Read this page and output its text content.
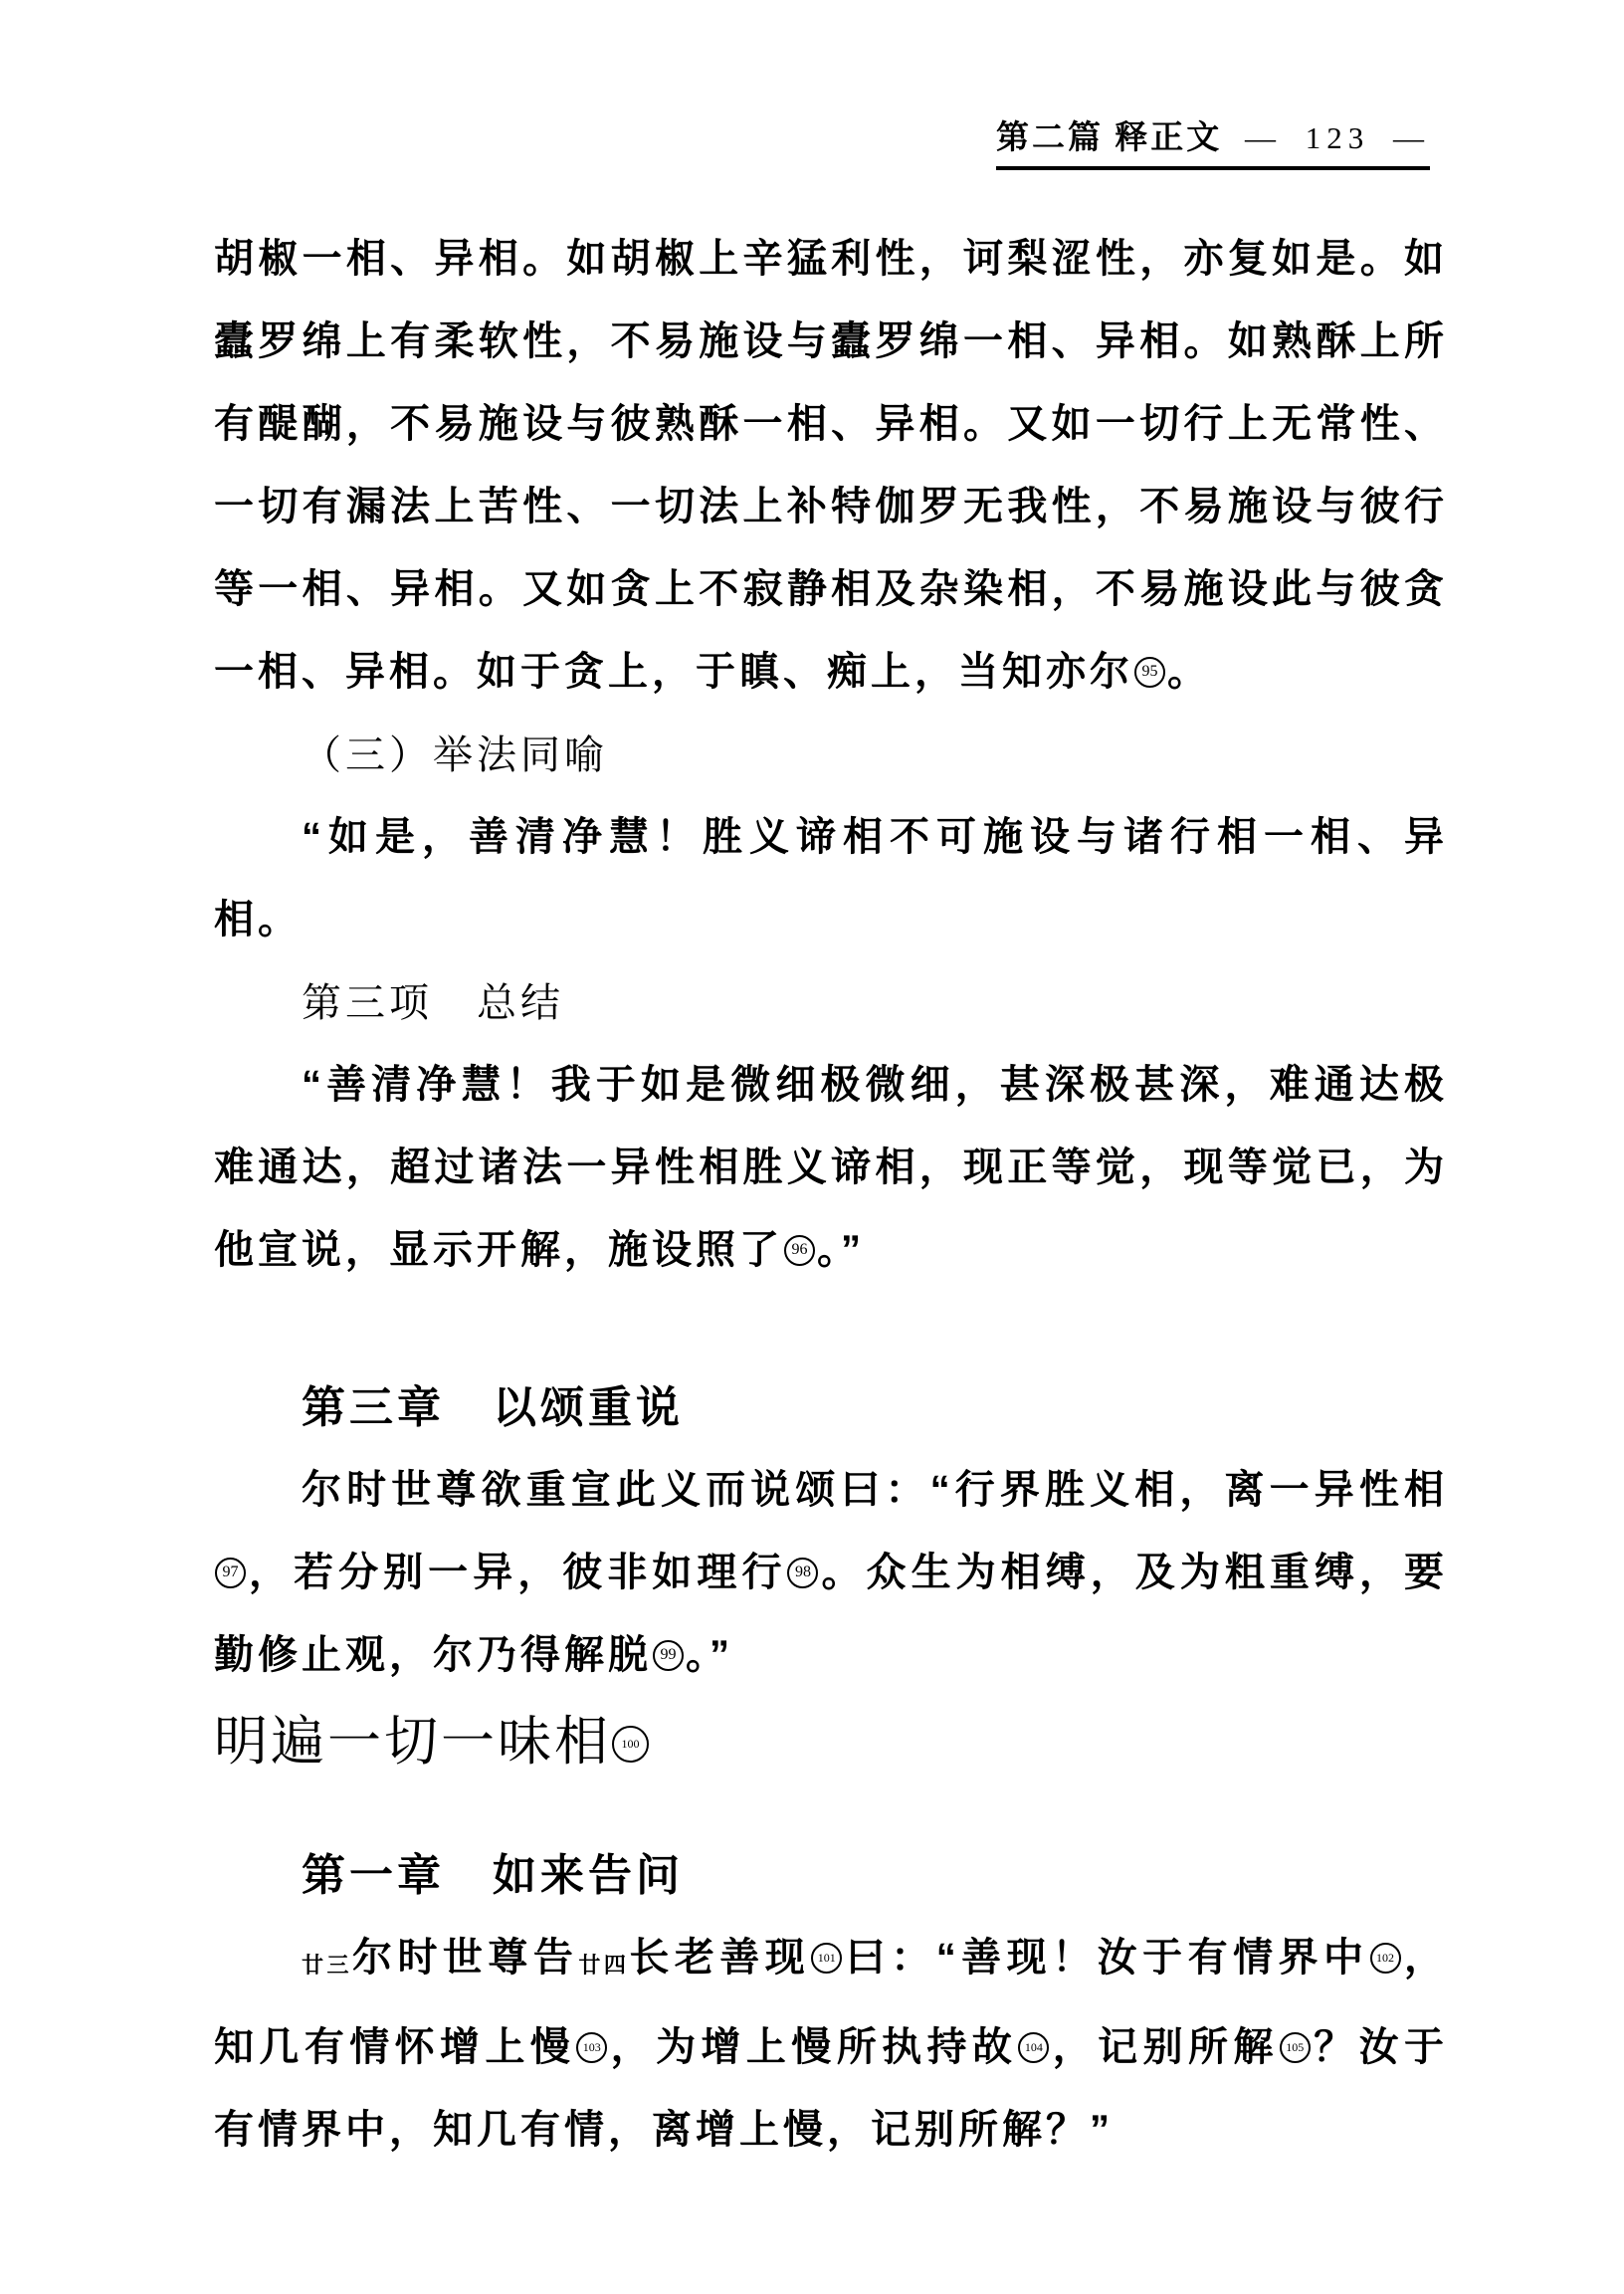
第二篇 释正文 — 123 —

胡椒一相、异相。如胡椒上辛猛利性，诃梨涩性，亦复如是。如蠹罗绵上有柔软性，不易施设与蠹罗绵一相、异相。如熟酥上所有醍醐，不易施设与彼熟酥一相、异相。又如一切行上无常性、一切有漏法上苦性、一切法上补特伽罗无我性，不易施设与彼行等一相、异相。又如贪上不寂静相及杂染相，不易施设此与彼贪一相、异相。如于贪上，于瞋、痴上，当知亦尔 95 。

（三）举法同喻

“如是，善清净慧！胜义谛相不可施设与诸行相一相、异相。

第三项　总结

“善清净慧！我于如是微细极微细，甚深极甚深，难通达极难通达，超过诸法一异性相胜义谛相，现正等觉，现等觉已，为他宣说，显示开解，施设照了 96 。”

第三章　以颂重说

尔时世尊欲重宣此义而说颂曰：“行界胜义相，离一异性相97 ，若分别一异，彼非如理行 98 。众生为相缚，及为粗重缚，要勤修止观，尔乃得解脱 99 。”

明遍一切一味相 100
第一章　如来告问

廿三尔时世尊告廿四长老善现 101 曰：“善现！汝于有情界中 102 ，知几有情怀增上慢 103 ，为增上慢所执持故 104 ，记别所解 105 ？汝于有情界中，知几有情，离增上慢，记别所解？”
